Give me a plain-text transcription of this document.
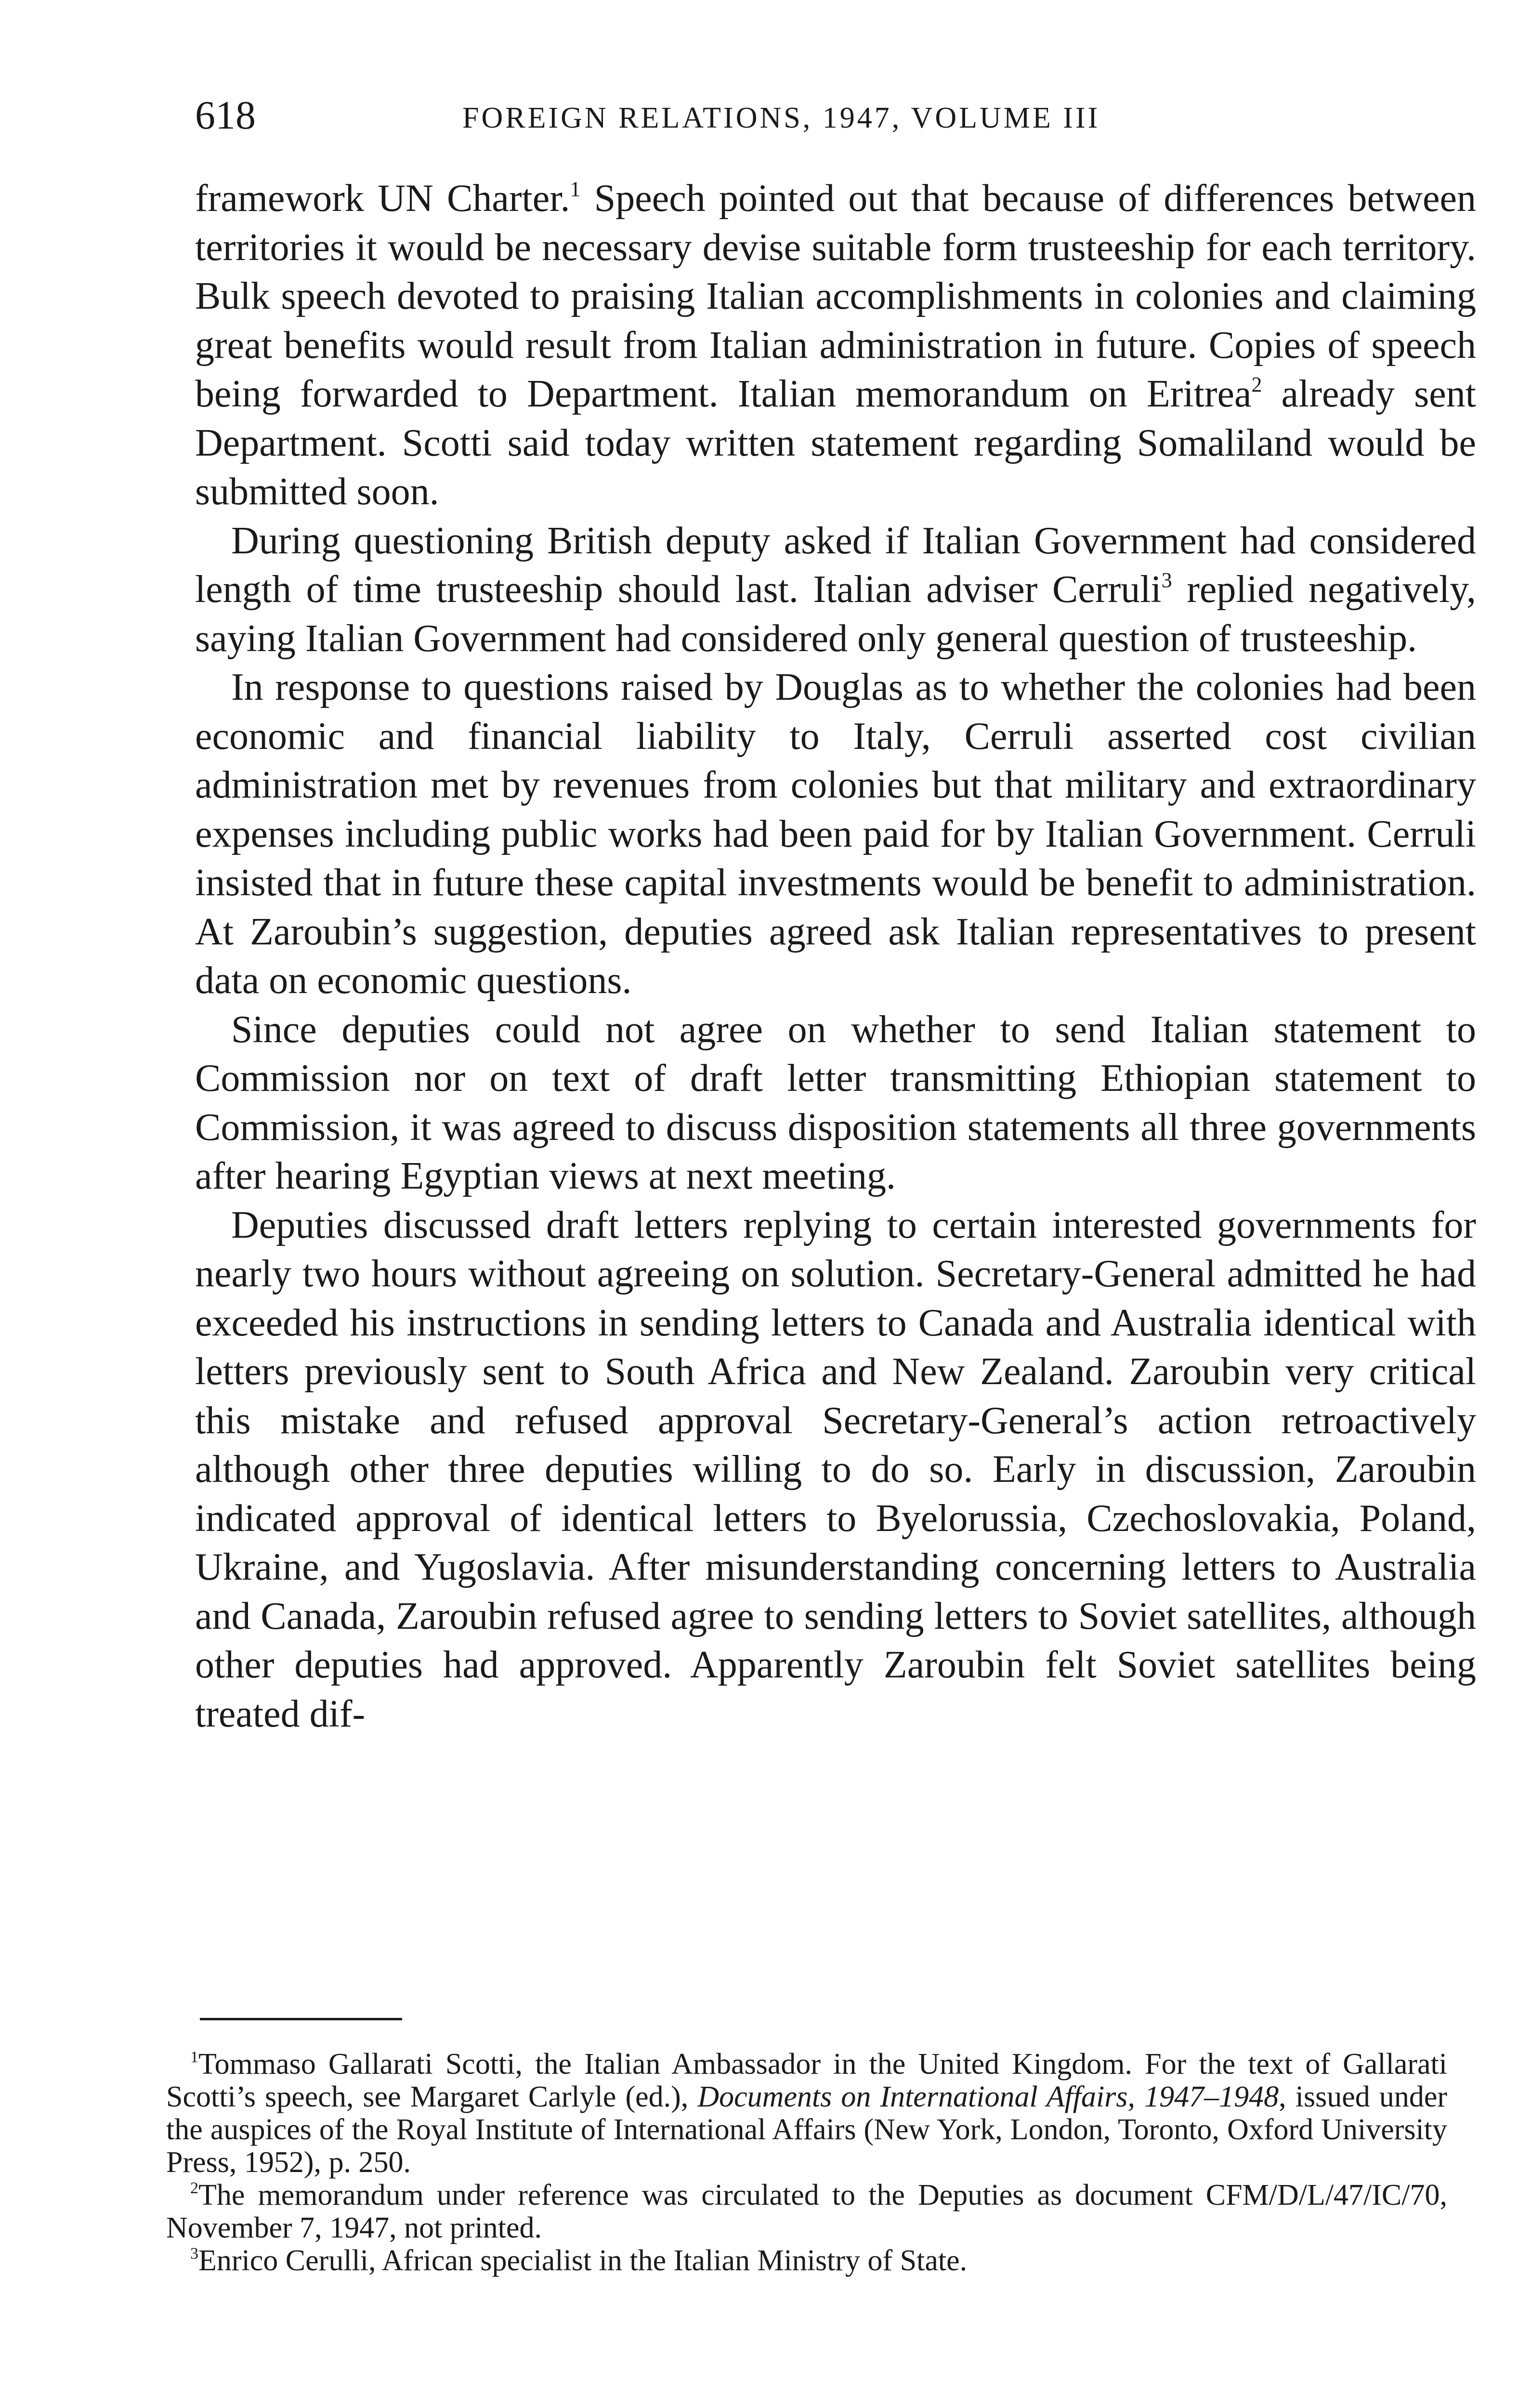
618	FOREIGN RELATIONS, 1947, VOLUME III

framework UN Charter.$^1$ Speech pointed out that because of differences between territories it would be necessary devise suitable form trusteeship for each territory. Bulk speech devoted to praising Italian accomplishments in colonies and claiming great benefits would result from Italian administration in future. Copies of speech being forwarded to Department. Italian memorandum on Eritrea$^2$ already sent Department. Scotti said today written statement regarding Somaliland would be submitted soon.

During questioning British deputy asked if Italian Government had considered length of time trusteeship should last. Italian adviser Cerruli$^3$ replied negatively, saying Italian Government had considered only general question of trusteeship.

In response to questions raised by Douglas as to whether the colonies had been economic and financial liability to Italy, Cerruli asserted cost civilian administration met by revenues from colonies but that military and extraordinary expenses including public works had been paid for by Italian Government. Cerruli insisted that in future these capital investments would be benefit to administration. At Zaroubin’s suggestion, deputies agreed ask Italian representatives to present data on economic questions.

Since deputies could not agree on whether to send Italian statement to Commission nor on text of draft letter transmitting Ethiopian statement to Commission, it was agreed to discuss disposition statements all three governments after hearing Egyptian views at next meeting.

Deputies discussed draft letters replying to certain interested governments for nearly two hours without agreeing on solution. Secretary-General admitted he had exceeded his instructions in sending letters to Canada and Australia identical with letters previously sent to South Africa and New Zealand. Zaroubin very critical this mistake and refused approval Secretary-General’s action retroactively although other three deputies willing to do so. Early in discussion, Zaroubin indicated approval of identical letters to Byelorussia, Czechoslovakia, Poland, Ukraine, and Yugoslavia. After misunderstanding concerning letters to Australia and Canada, Zaroubin refused agree to sending letters to Soviet satellites, although other deputies had approved. Apparently Zaroubin felt Soviet satellites being treated dif-

$^1$Tommaso Gallarati Scotti, the Italian Ambassador in the United Kingdom. For the text of Gallarati Scotti’s speech, see Margaret Carlyle (ed.), Documents on International Affairs, 1947–1948, issued under the auspices of the Royal Institute of International Affairs (New York, London, Toronto, Oxford University Press, 1952), p. 250.

$^2$The memorandum under reference was circulated to the Deputies as document CFM/D/L/47/IC/70, November 7, 1947, not printed.

$^3$Enrico Cerulli, African specialist in the Italian Ministry of State.
